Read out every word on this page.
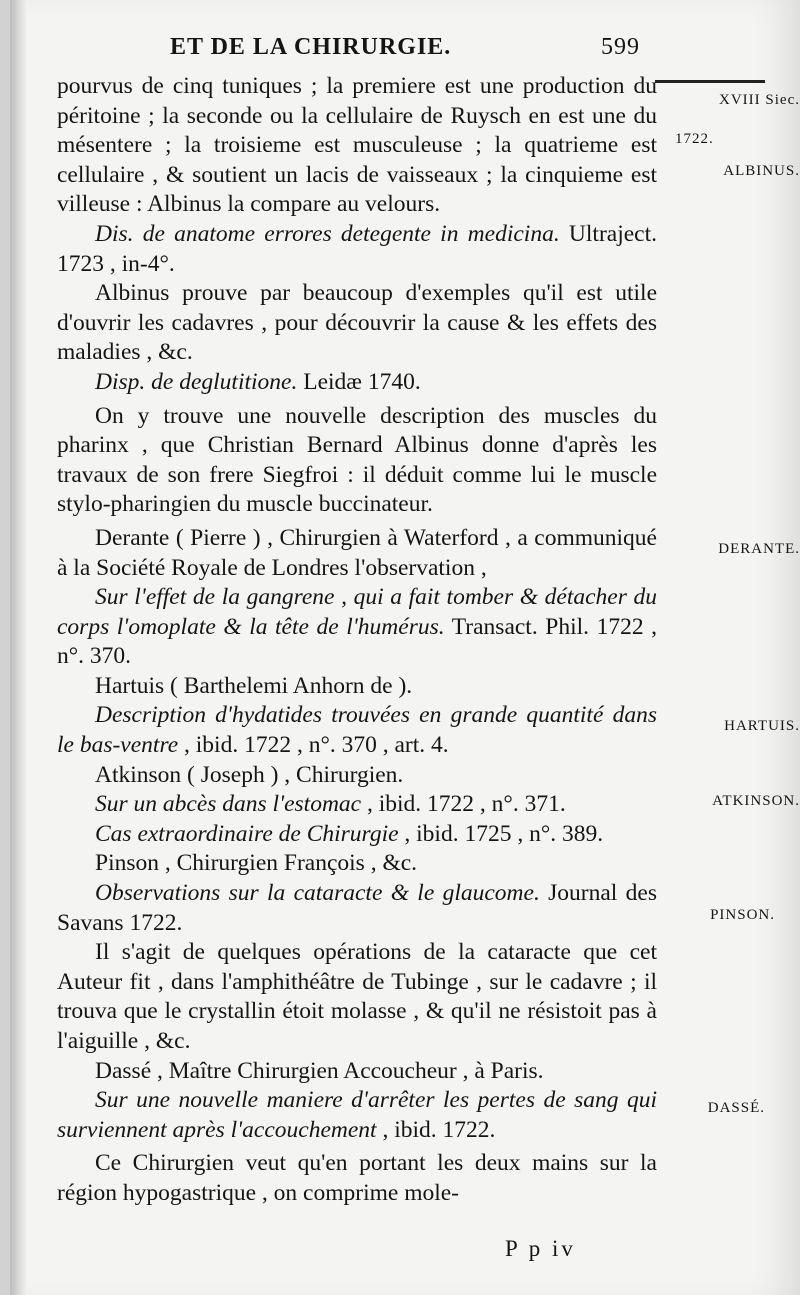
ET DE LA CHIRURGIE.	599
XVIII Siec.
1722.
ALBINUS.
DERANTE.
HARTUIS.
ATKINSON.
PINSON.
DASSÉ.

pourvus de cinq tuniques ; la premiere est une production du péritoine ; la seconde ou la cellulaire de Ruysch en est une du mésentere ; la troisieme est musculeuse ; la quatrieme est cellulaire , & soutient un lacis de vaisseaux ; la cinquieme est villeuse : Albinus la compare au velours.

Dis. de anatome errores detegente in medicina. Ultraject. 1723 , in-4°.

Albinus prouve par beaucoup d'exemples qu'il est utile d'ouvrir les cadavres , pour découvrir la cause & les effets des maladies , &c.

Disp. de deglutitione. Leidæ 1740.

On y trouve une nouvelle description des muscles du pharinx , que Christian Bernard Albinus donne d'après les travaux de son frere Siegfroi : il déduit comme lui le muscle stylo-pharingien du muscle buccinateur.

Derante ( Pierre ) , Chirurgien à Waterford , a communiqué à la Société Royale de Londres l'observation ,

Sur l'effet de la gangrene , qui a fait tomber & détacher du corps l'omoplate & la tête de l'humérus. Transact. Phil. 1722 , n°. 370.

Hartuis ( Barthelemi Anhorn de ).

Description d'hydatides trouvées en grande quantité dans le bas-ventre , ibid. 1722 , n°. 370 , art. 4.

Atkinson ( Joseph ) , Chirurgien.

Sur un abcès dans l'estomac , ibid. 1722 , n°. 371.

Cas extraordinaire de Chirurgie , ibid. 1725 , n°. 389.

Pinson , Chirurgien François , &c.

Observations sur la cataracte & le glaucome. Journal des Savans 1722.

Il s'agit de quelques opérations de la cataracte que cet Auteur fit , dans l'amphithéâtre de Tubinge , sur le cadavre ; il trouva que le crystallin étoit molasse , & qu'il ne résistoit pas à l'aiguille , &c.

Dassé , Maître Chirurgien Accoucheur , à Paris.

Sur une nouvelle maniere d'arrêter les pertes de sang qui surviennent après l'accouchement , ibid. 1722.

Ce Chirurgien veut qu'en portant les deux mains sur la région hypogastrique , on comprime mole-

P p iv
